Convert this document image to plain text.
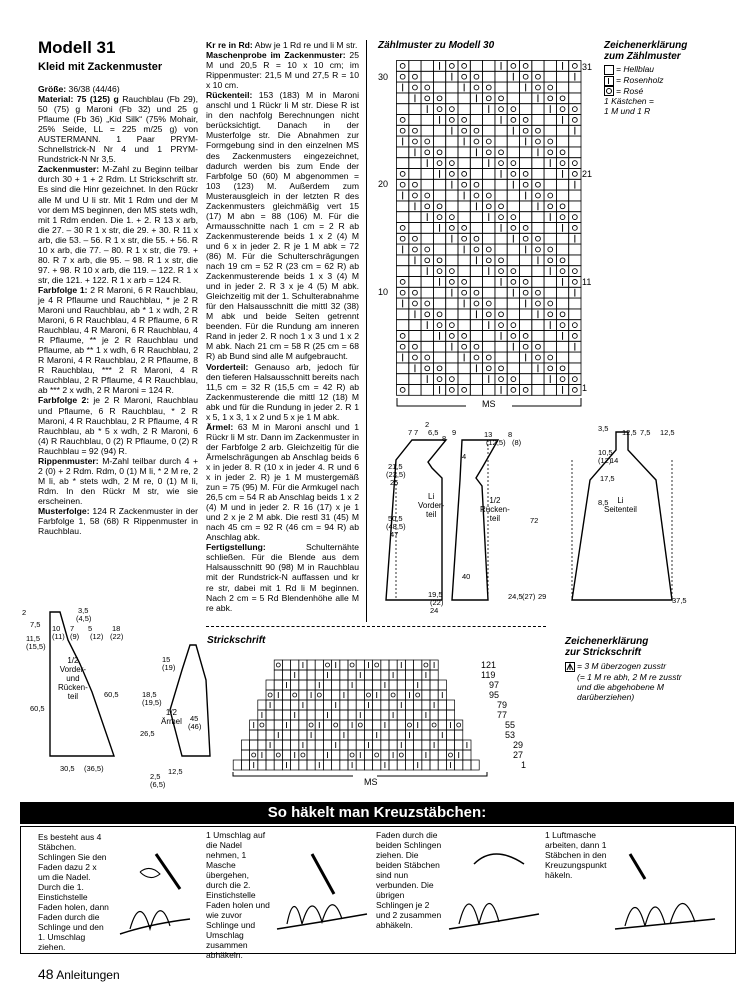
Modell 31
Kleid mit Zackenmuster

Größe: 36/38 (44/46)

Material: 75 (125) g Rauchblau (Fb 29), 50 (75) g Maroni (Fb 32) und 25 g Pflaume (Fb 36) „Kid Silk“ (75% Mohair, 25% Seide, LL = 225 m/25 g) von AUSTERMANN. 1 Paar PRYM-Schnellstrick-N Nr 4 und 1 PRYM-Rundstrick-N Nr 3,5.

Zackenmuster: M-Zahl zu Beginn teilbar durch 30 + 1 + 2 Rdm. Lt Strickschrift str. Es sind die Hinr gezeichnet. In den Rückr alle M und U li str. Mit 1 Rdm und der M vor dem MS beginnen, den MS stets wdh, mit 1 Rdm enden. Die 1. + 2. R 13 x arb, die 27. – 30 R 1 x str, die 29. + 30. R 11 x arb, die 53. – 56. R 1 x str, die 55. + 56. R 10 x arb, die 77. – 80. R 1 x str, die 79. + 80. R 7 x arb, die 95. – 98. R 1 x str, die 97. + 98. R 10 x arb, die 119. – 122. R 1 x str, die 121. + 122. R 1 x arb = 124 R.

Farbfolge 1: 2 R Maroni, 6 R Rauchblau, je 4 R Pflaume und Rauchblau, * je 2 R Maroni und Rauchblau, ab * 1 x wdh, 2 R Maroni, 6 R Rauchblau, 4 R Pflaume, 6 R Rauchblau, 4 R Maroni, 6 R Rauchblau, 4 R Pflaume, ** je 2 R Rauchblau und Pflaume, ab ** 1 x wdh, 6 R Rauchblau, 2 R Maroni, 4 R Rauchblau, 2 R Pflaume, 8 R Rauchblau, *** 2 R Maroni, 4 R Rauchblau, 2 R Pflaume, 4 R Rauchblau, ab *** 2 x wdh, 2 R Maroni = 124 R.

Farbfolge 2: je 2 R Maroni, Rauchblau und Pflaume, 6 R Rauchblau, * 2 R Maroni, 4 R Rauchblau, 2 R Pflaume, 4 R Rauchblau, ab * 5 x wdh, 2 R Maroni, 6 (4) R Rauchblau, 0 (2) R Pflaume, 0 (2) R Rauchblau = 92 (94) R.

Rippenmuster: M-Zahl teilbar durch 4 + 2 (0) + 2 Rdm. Rdm, 0 (1) M li, * 2 M re, 2 M li, ab * stets wdh, 2 M re, 0 (1) M li, Rdm. In den Rückr M str, wie sie erscheinen.

Musterfolge: 124 R Zackenmuster in der Farbfolge 1, 58 (68) R Rippenmuster in Rauchblau.

Kr re in Rd: Abw je 1 Rd re und li M str.

Maschenprobe im Zackenmuster: 25 M und 20,5 R = 10 x 10 cm; im Rippenmuster: 21,5 M und 27,5 R = 10 x 10 cm.

Rückenteil: 153 (183) M in Maroni anschl und 1 Rückr li M str. Diese R ist in den nachfolg Berechnungen nicht berücksichtigt. Danach in der Musterfolge str. Die Abnahmen zur Formgebung sind in den einzelnen MS des Zackenmusters eingezeichnet, dadurch werden bis zum Ende der Farbfolge 50 (60) M abgenommen = 103 (123) M. Außerdem zum Musterausgleich in der letzten R des Zackenmusters gleichmäßig vert 15 (17) M abn = 88 (106) M. Für die Armausschnitte nach 1 cm = 2 R ab Zackenmusterende beids 1 x 2 (4) M und 6 x in jeder 2. R je 1 M abk = 72 (86) M. Für die Schulterschrägungen nach 19 cm = 52 R (23 cm = 62 R) ab Zackenmusterende beids 1 x 3 (4) M und in jeder 2. R 3 x je 4 (5) M abk. Gleichzeitig mit der 1. Schulterabnahme für den Halsausschnitt die mittl 32 (38) M abk und beide Seiten getrennt beenden. Für die Rundung am inneren Rand in jeder 2. R noch 1 x 3 und 1 x 2 M abk. Nach 21 cm = 58 R (25 cm = 68 R) ab Bund sind alle M aufgebraucht.

Vorderteil: Genauso arb, jedoch für den tieferen Halsausschnitt bereits nach 11,5 cm = 32 R (15,5 cm = 42 R) ab Zackenmusterende die mittl 12 (18) M abk und für die Rundung in jeder 2. R 1 x 5, 1 x 3, 1 x 2 und 5 x je 1 M abk.

Ärmel: 63 M in Maroni anschl und 1 Rückr li M str. Dann im Zackenmuster in der Farbfolge 2 arb. Gleichzeitig für die Ärmelschrägungen ab Anschlag beids 6 x in jeder 8. R (10 x in jeder 4. R und 6 x in jeder 2. R) je 1 M mustergemäß zun = 75 (95) M. Für die Armkugel nach 26,5 cm = 54 R ab Anschlag beids 1 x 2 (4) M und in jeder 2. R 16 (17) x je 1 und 2 x je 2 M abk. Die restl 31 (45) M nach 45 cm = 92 R (46 cm = 94 R) ab Anschlag abk.

Fertigstellung: Schulternähte schließen. Für die Blende aus dem Halsausschnitt 90 (98) M in Rauchblau mit der Rundstrick-N auffassen und kr re str, dabei mit 1 Rd li M beginnen. Nach 2 cm = 5 Rd Blendenhöhe alle M re abk.

Zählmuster zu Modell 30
30
20
10
31
21
11
1
MS
Zeichenerklärung
zum Zählmuster
= Hellblau
= Rosenholz
= Rosé
1 Kästchen =
1 M und 1 R
Li
Vorder-
teil
1/2
Rücken-
teil
Li
Seitenteil
2
7 6,5
4
8
21,5
(23,5)
25
50,5
(48,5)
47
19,5
(22)
24
24,5 (27) 29
72
40
13
(12,5) (8)
8
3,5 12,5 7,5 12,5
10,5
(12)
14
17,5
8,5
37,5
7	9
1/2
Vorder-
und
Rücken-
teil
1/2
Ärmel
3,5
(4,5)
10
(11)
7
(9)
5
(12)
2
7,5
11,5
(15,5)
18
(22)
60,5
60,5
30,5 (36,5)
15
(19)
18,5
(19,5)
26,5
45
(46)
2,5
(6,5)
12,5
Strickschrift
121
119
97
95
79
77
55
53
29
27
1
MS
Zeichenerklärung
zur Strickschrift
= 3 M überzogen zusstr
(= 1 M re abh, 2 M re zusstr
und die abgehobene M
darüberziehen)
So häkelt man Kreuzstäbchen:
Es besteht aus 4 Stäbchen. Schlingen Sie den Faden dazu 2 x um die Nadel. Durch die 1. Einstichstelle Faden holen, dann Faden durch die Schlinge und den 1. Umschlag ziehen.
1 Umschlag auf die Nadel nehmen, 1 Masche übergehen, durch die 2. Einstichstelle Faden holen und wie zuvor Schlinge und Umschlag zusammen abhäkeln.
Faden durch die beiden Schlingen ziehen. Die beiden Stäbchen sind nun verbunden. Die übrigen Schlingen je 2 und 2 zusammen abhäkeln.
1 Luftmasche arbeiten, dann 1 Stäbchen in den Kreuzungspunkt häkeln.
48 Anleitungen
